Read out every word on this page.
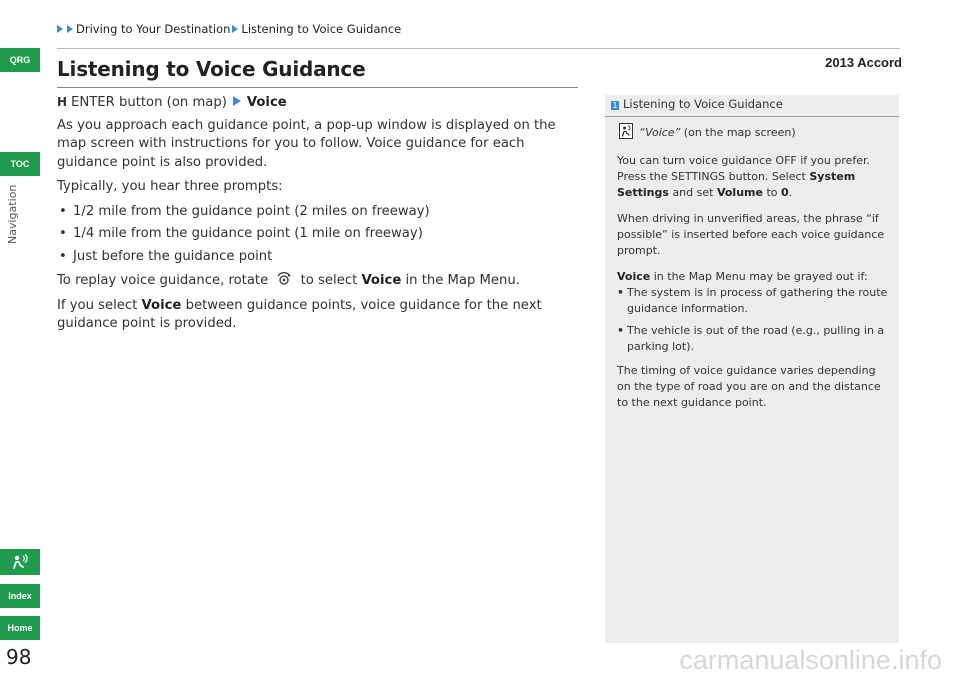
Driving to Your Destination Listening to Voice Guidance
2013 Accord
Listening to Voice Guidance

H ENTER button (on map) Voice

As you approach each guidance point, a pop-up window is displayed on the map screen with instructions for you to follow. Voice guidance for each guidance point is also provided.

Typically, you hear three prompts:

• 1/2 mile from the guidance point (2 miles on freeway)
• 1/4 mile from the guidance point (1 mile on freeway)
• Just before the guidance point

To replay voice guidance, rotate to select Voice in the Map Menu.

If you select Voice between guidance points, voice guidance for the next guidance point is provided.

Navigation
QRG
TOC
Index
Home
98
1 Listening to Voice Guidance

“Voice” (on the map screen)

You can turn voice guidance OFF if you prefer. Press the SETTINGS button. Select System Settings and set Volume to 0.

When driving in unverified areas, the phrase “if possible” is inserted before each voice guidance prompt.

Voice in the Map Menu may be grayed out if:

• The system is in process of gathering the route guidance information.
• The vehicle is out of the road (e.g., pulling in a parking lot).

The timing of voice guidance varies depending on the type of road you are on and the distance to the next guidance point.

carmanualsonline.info
